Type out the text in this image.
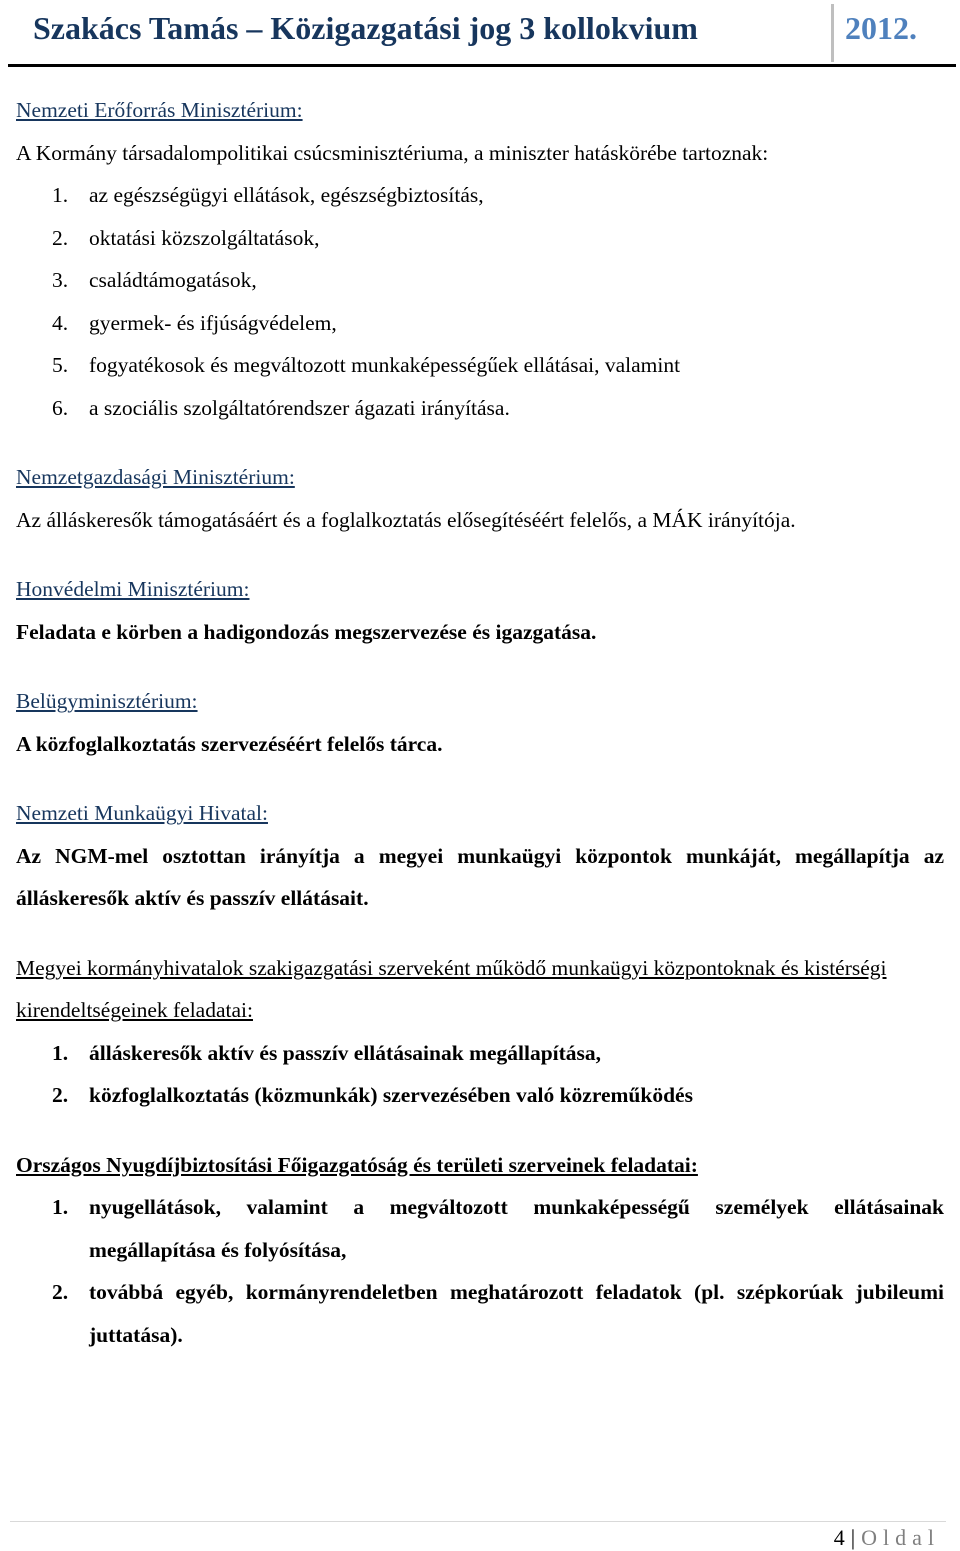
Szakács Tamás – Közigazgatási jog 3 kollokvium	2012.

Nemzeti Erőforrás Minisztérium:

A Kormány társadalompolitikai csúcsminisztériuma, a miniszter hatáskörébe tartoznak:

1. az egészségügyi ellátások, egészségbiztosítás,
2. oktatási közszolgáltatások,
3. családtámogatások,
4. gyermek- és ifjúságvédelem,
5. fogyatékosok és megváltozott munkaképességűek ellátásai, valamint
6. a szociális szolgáltatórendszer ágazati irányítása.

Nemzetgazdasági Minisztérium:

Az álláskeresők támogatásáért és a foglalkoztatás elősegítéséért felelős, a MÁK irányítója.

Honvédelmi Minisztérium:

Feladata e körben a hadigondozás megszervezése és igazgatása.

Belügyminisztérium:

A közfoglalkoztatás szervezéséért felelős tárca.

Nemzeti Munkaügyi Hivatal:

Az NGM-mel osztottan irányítja a megyei munkaügyi központok munkáját, megállapítja az álláskeresők aktív és passzív ellátásait.

Megyei kormányhivatalok szakigazgatási szerveként működő munkaügyi központoknak és kistérségi kirendeltségeinek feladatai:

1. álláskeresők aktív és passzív ellátásainak megállapítása,
2. közfoglalkoztatás (közmunkák) szervezésében való közreműködés

Országos Nyugdíjbiztosítási Főigazgatóság és területi szerveinek feladatai:

1. nyugellátások, valamint a megváltozott munkaképességű személyek ellátásainak megállapítása és folyósítása,
2. továbbá egyéb, kormányrendeletben meghatározott feladatok (pl. szépkorúak jubileumi juttatása).
4 | Oldal
